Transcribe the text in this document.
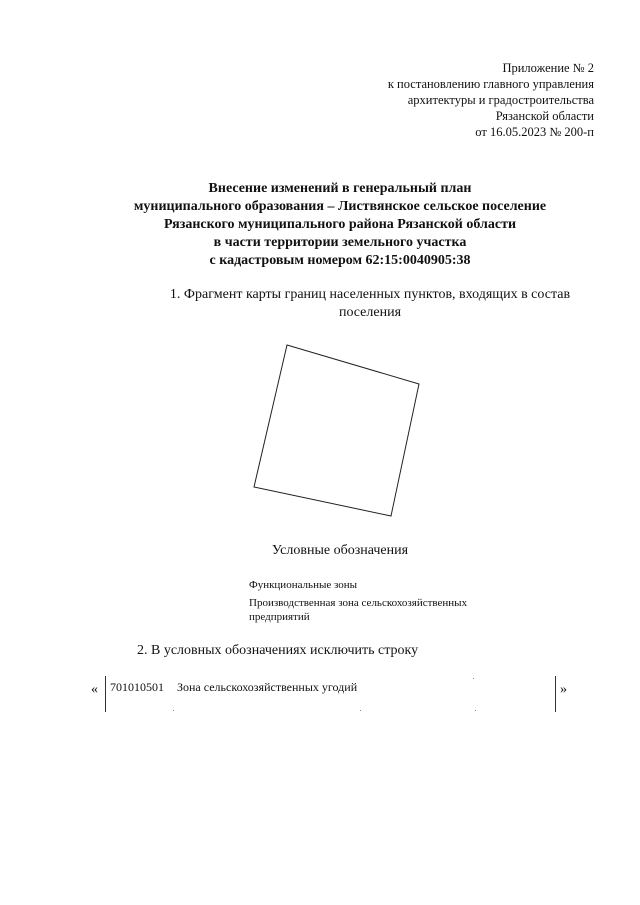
Приложение № 2
к постановлению главного управления
архитектуры и градостроительства
Рязанской области
от 16.05.2023 № 200-п
Внесение изменений в генеральный план
муниципального образования – Листвянское сельское поселение
Рязанского муниципального района Рязанской области
в части территории земельного участка
с кадастровым номером 62:15:0040905:38
1. Фрагмент карты границ населенных пунктов, входящих в состав поселения
Условные обозначения
Функциональные зоны
Производственная зона сельскохозяйственных предприятий
2. В условных обозначениях исключить строку
« 701010501 Зона сельскохозяйственных угодий	»
